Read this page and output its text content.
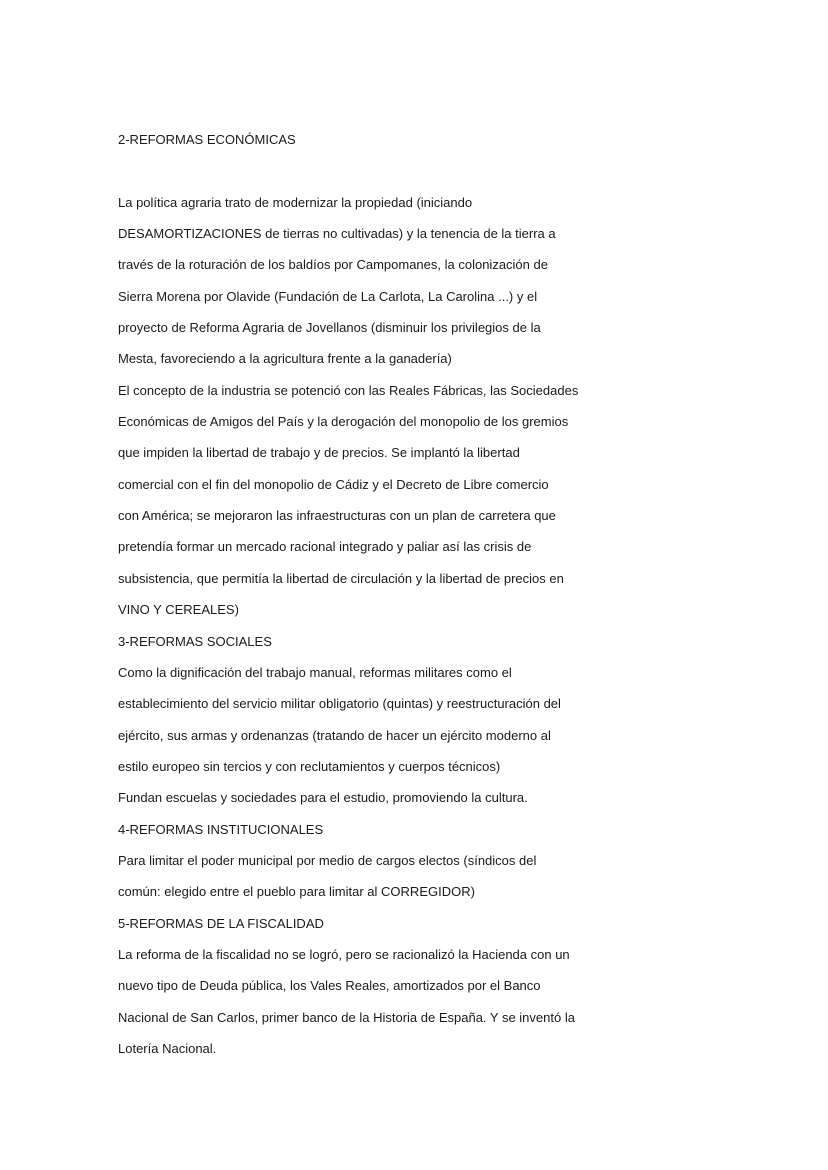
2-REFORMAS ECONÓMICAS
La política agraria trato de modernizar la propiedad (iniciando
DESAMORTIZACIONES de tierras no cultivadas) y la tenencia de la tierra a
través de la roturación de los baldíos por Campomanes, la colonización de
Sierra Morena por Olavide (Fundación de La Carlota, La Carolina ...) y el
proyecto de Reforma Agraria de Jovellanos (disminuir los privilegios de la
Mesta, favoreciendo a la agricultura frente a la ganadería)
El concepto de la industria se potenció con las Reales Fábricas, las Sociedades
Económicas de Amigos del País y la derogación del monopolio de los gremios
que impiden la libertad de trabajo y de precios. Se implantó la libertad
comercial con el fin del monopolio de Cádiz y el Decreto de Libre comercio
con América; se mejoraron las infraestructuras con un plan de carretera que
pretendía formar un mercado racional integrado y paliar así las crisis de
subsistencia, que permitía la libertad de circulación y la libertad de precios en
VINO Y CEREALES)
3-REFORMAS SOCIALES
Como la dignificación del trabajo manual, reformas militares como el
establecimiento del servicio militar obligatorio (quintas) y reestructuración del
ejército, sus armas y ordenanzas (tratando de hacer un ejército moderno al
estilo europeo sin tercios y con reclutamientos y cuerpos técnicos)
Fundan escuelas y sociedades para el estudio, promoviendo la cultura.
4-REFORMAS INSTITUCIONALES
Para limitar el poder municipal por medio de cargos electos (síndicos del
común: elegido entre el pueblo para limitar al CORREGIDOR)
5-REFORMAS DE LA FISCALIDAD
La reforma de la fiscalidad no se logró, pero se racionalizó la Hacienda con un
nuevo tipo de Deuda pública, los Vales Reales, amortizados por el Banco
Nacional de San Carlos, primer banco de la Historia de España. Y se inventó la
Lotería Nacional.
